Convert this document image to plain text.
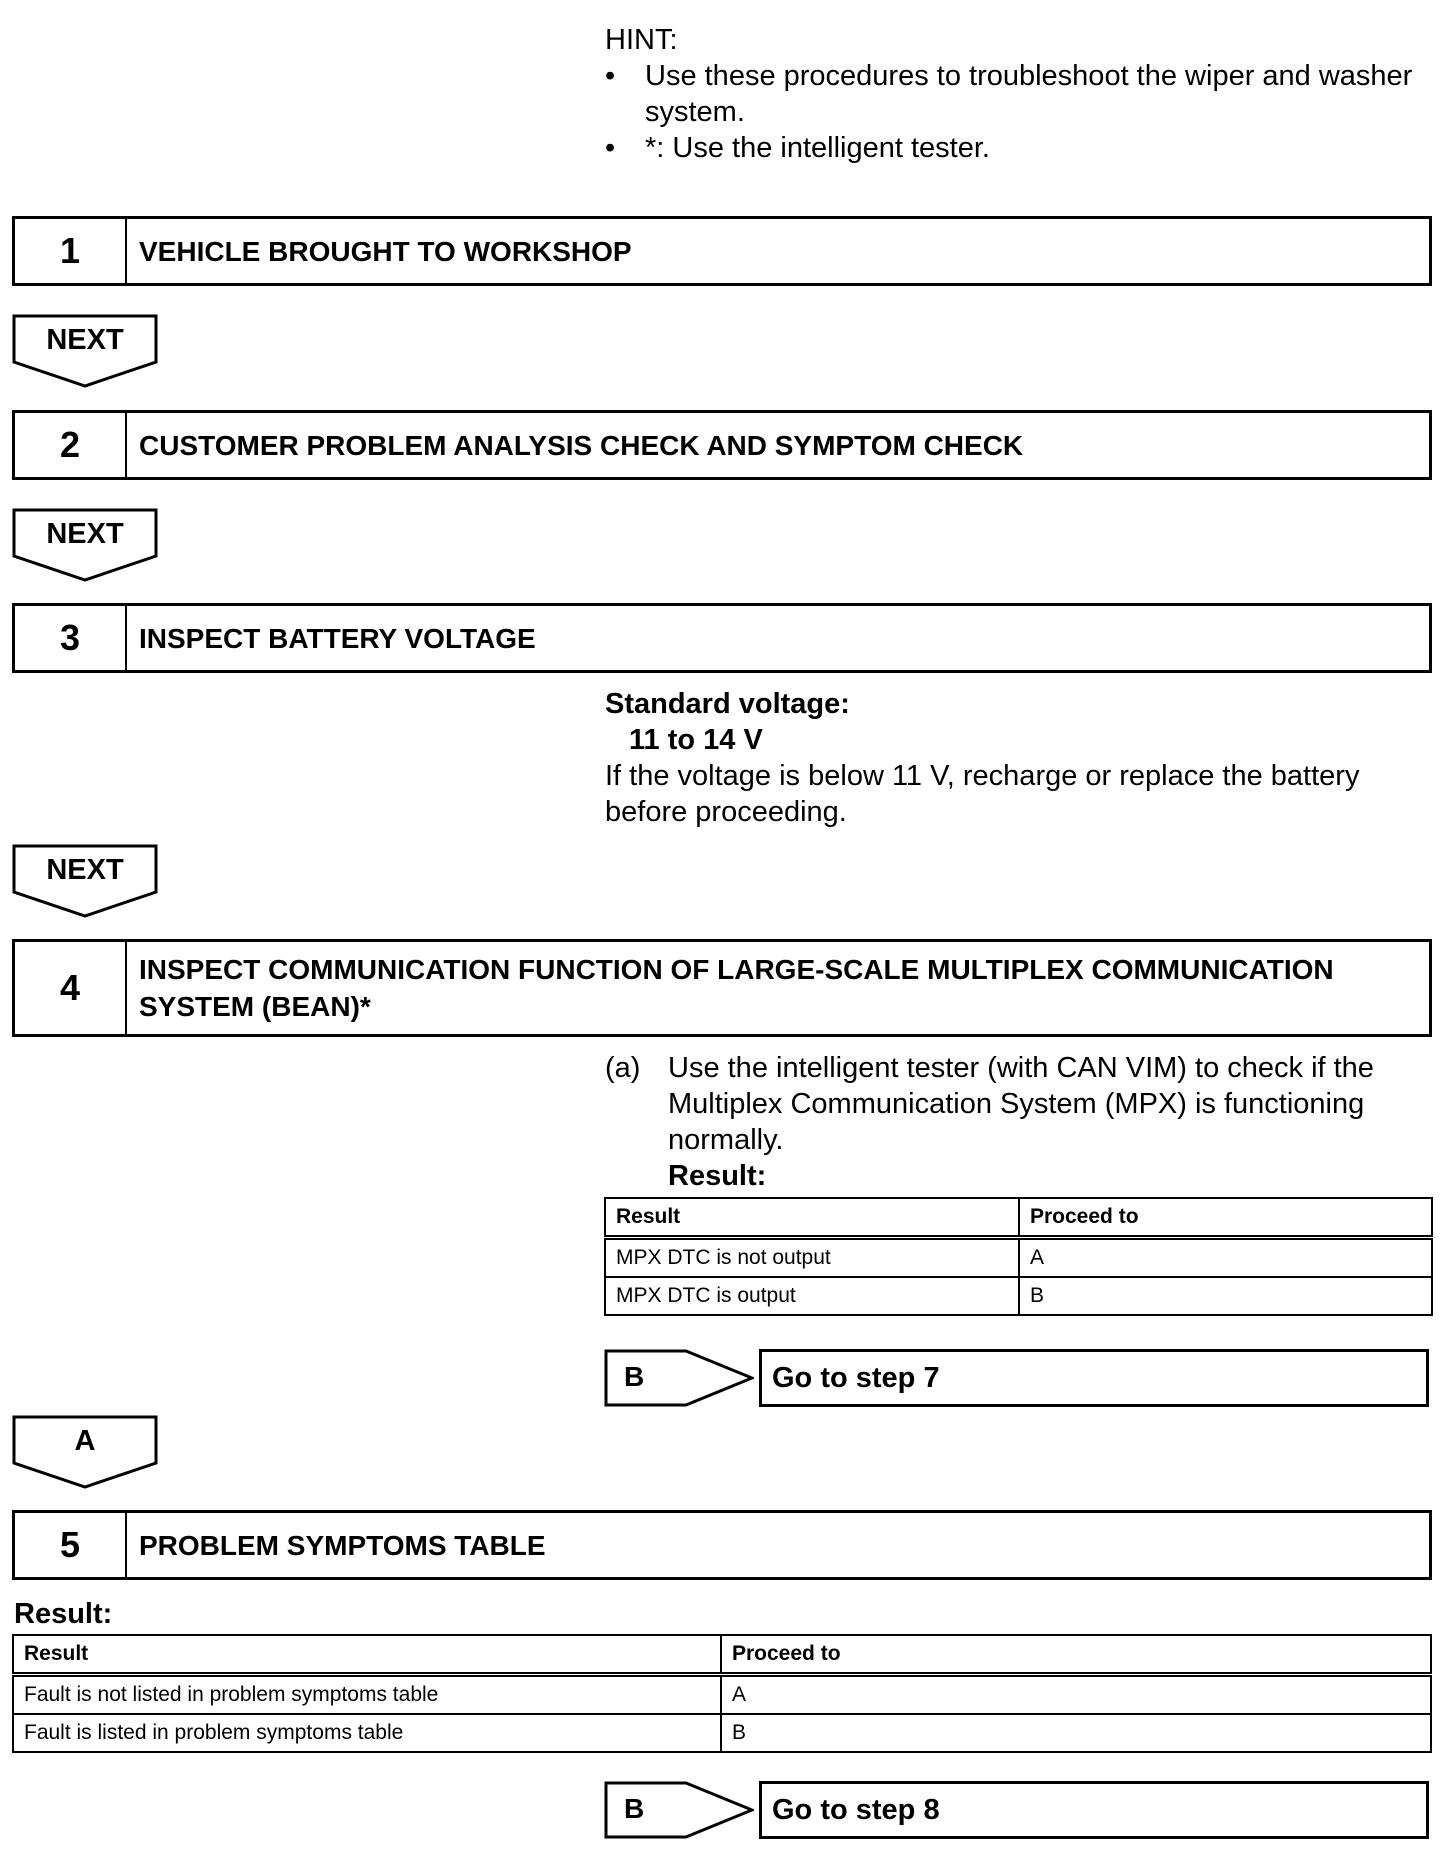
HINT:
• Use these procedures to troubleshoot the wiper and washer system.
• *: Use the intelligent tester.
1	VEHICLE BROUGHT TO WORKSHOP
NEXT
2	CUSTOMER PROBLEM ANALYSIS CHECK AND SYMPTOM CHECK
NEXT
3	INSPECT BATTERY VOLTAGE
Standard voltage:
11 to 14 V
If the voltage is below 11 V, recharge or replace the battery before proceeding.
NEXT
4	INSPECT COMMUNICATION FUNCTION OF LARGE-SCALE MULTIPLEX COMMUNICATION SYSTEM (BEAN)*
(a) Use the intelligent tester (with CAN VIM) to check if the Multiplex Communication System (MPX) is functioning normally.
Result:
Result	Proceed to
MPX DTC is not output	A
MPX DTC is output	B
B	Go to step 7
A
5	PROBLEM SYMPTOMS TABLE
Result:
Result	Proceed to
Fault is not listed in problem symptoms table	A
Fault is listed in problem symptoms table	B
B	Go to step 8
